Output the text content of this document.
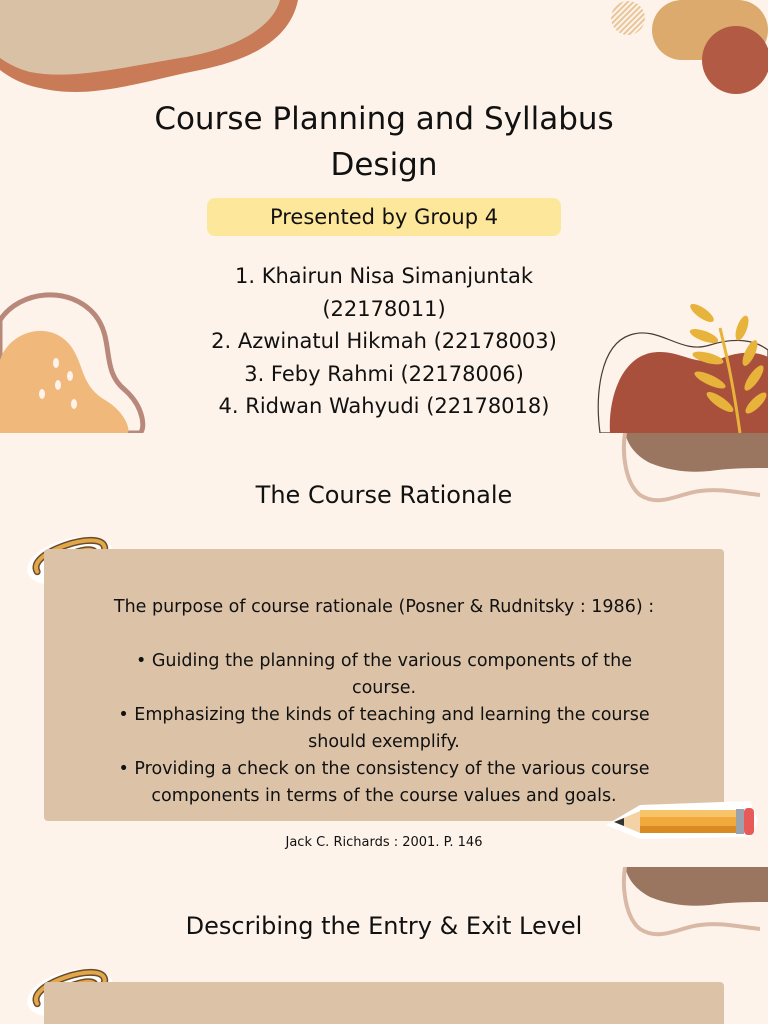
Course Planning and Syllabus
Design
Presented by Group 4
1. Khairun Nisa Simanjuntak
(22178011)
2. Azwinatul Hikmah (22178003)
3. Feby Rahmi (22178006)
4. Ridwan Wahyudi (22178018)
The Course Rationale
The purpose of course rationale (Posner & Rudnitsky : 1986) :
• Guiding the planning of the various components of the
course.
• Emphasizing the kinds of teaching and learning the course
should exemplify.
• Providing a check on the consistency of the various course
components in terms of the course values and goals.
Jack C. Richards : 2001. P. 146
Describing the Entry & Exit Level
